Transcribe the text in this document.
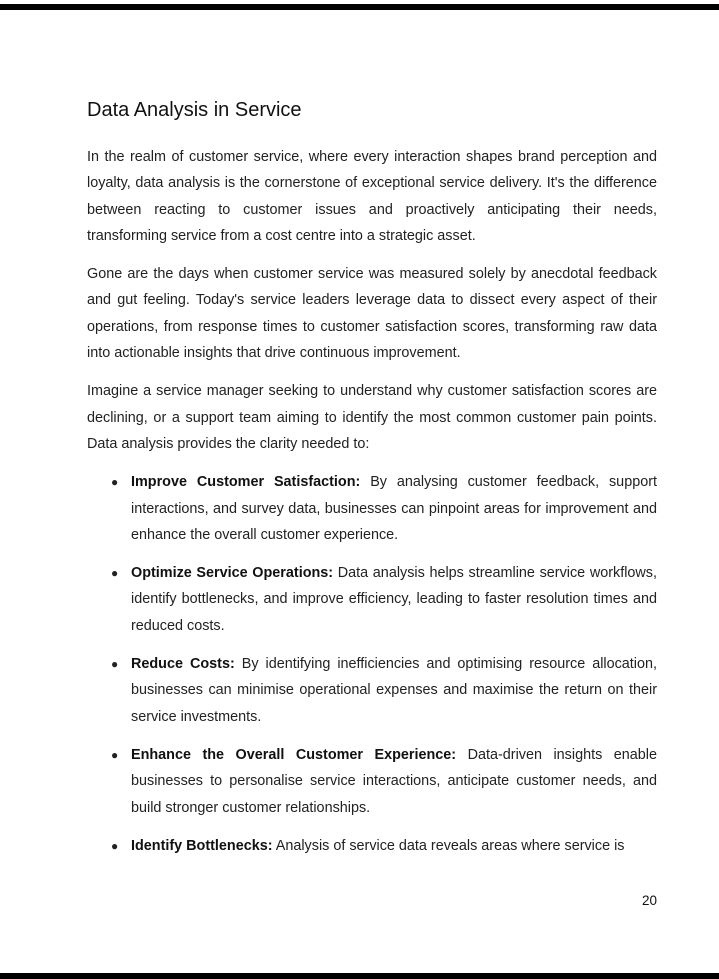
Data Analysis in Service

In the realm of customer service, where every interaction shapes brand perception and loyalty, data analysis is the cornerstone of exceptional service delivery. It's the difference between reacting to customer issues and proactively anticipating their needs, transforming service from a cost centre into a strategic asset.

Gone are the days when customer service was measured solely by anecdotal feedback and gut feeling. Today's service leaders leverage data to dissect every aspect of their operations, from response times to customer satisfaction scores, transforming raw data into actionable insights that drive continuous improvement.

Imagine a service manager seeking to understand why customer satisfaction scores are declining, or a support team aiming to identify the most common customer pain points. Data analysis provides the clarity needed to:

● Improve Customer Satisfaction: By analysing customer feedback, support interactions, and survey data, businesses can pinpoint areas for improvement and enhance the overall customer experience.
● Optimize Service Operations: Data analysis helps streamline service workflows, identify bottlenecks, and improve efficiency, leading to faster resolution times and reduced costs.
● Reduce Costs: By identifying inefficiencies and optimising resource allocation, businesses can minimise operational expenses and maximise the return on their service investments.
● Enhance the Overall Customer Experience: Data-driven insights enable businesses to personalise service interactions, anticipate customer needs, and build stronger customer relationships.
● Identify Bottlenecks: Analysis of service data reveals areas where service is
20
